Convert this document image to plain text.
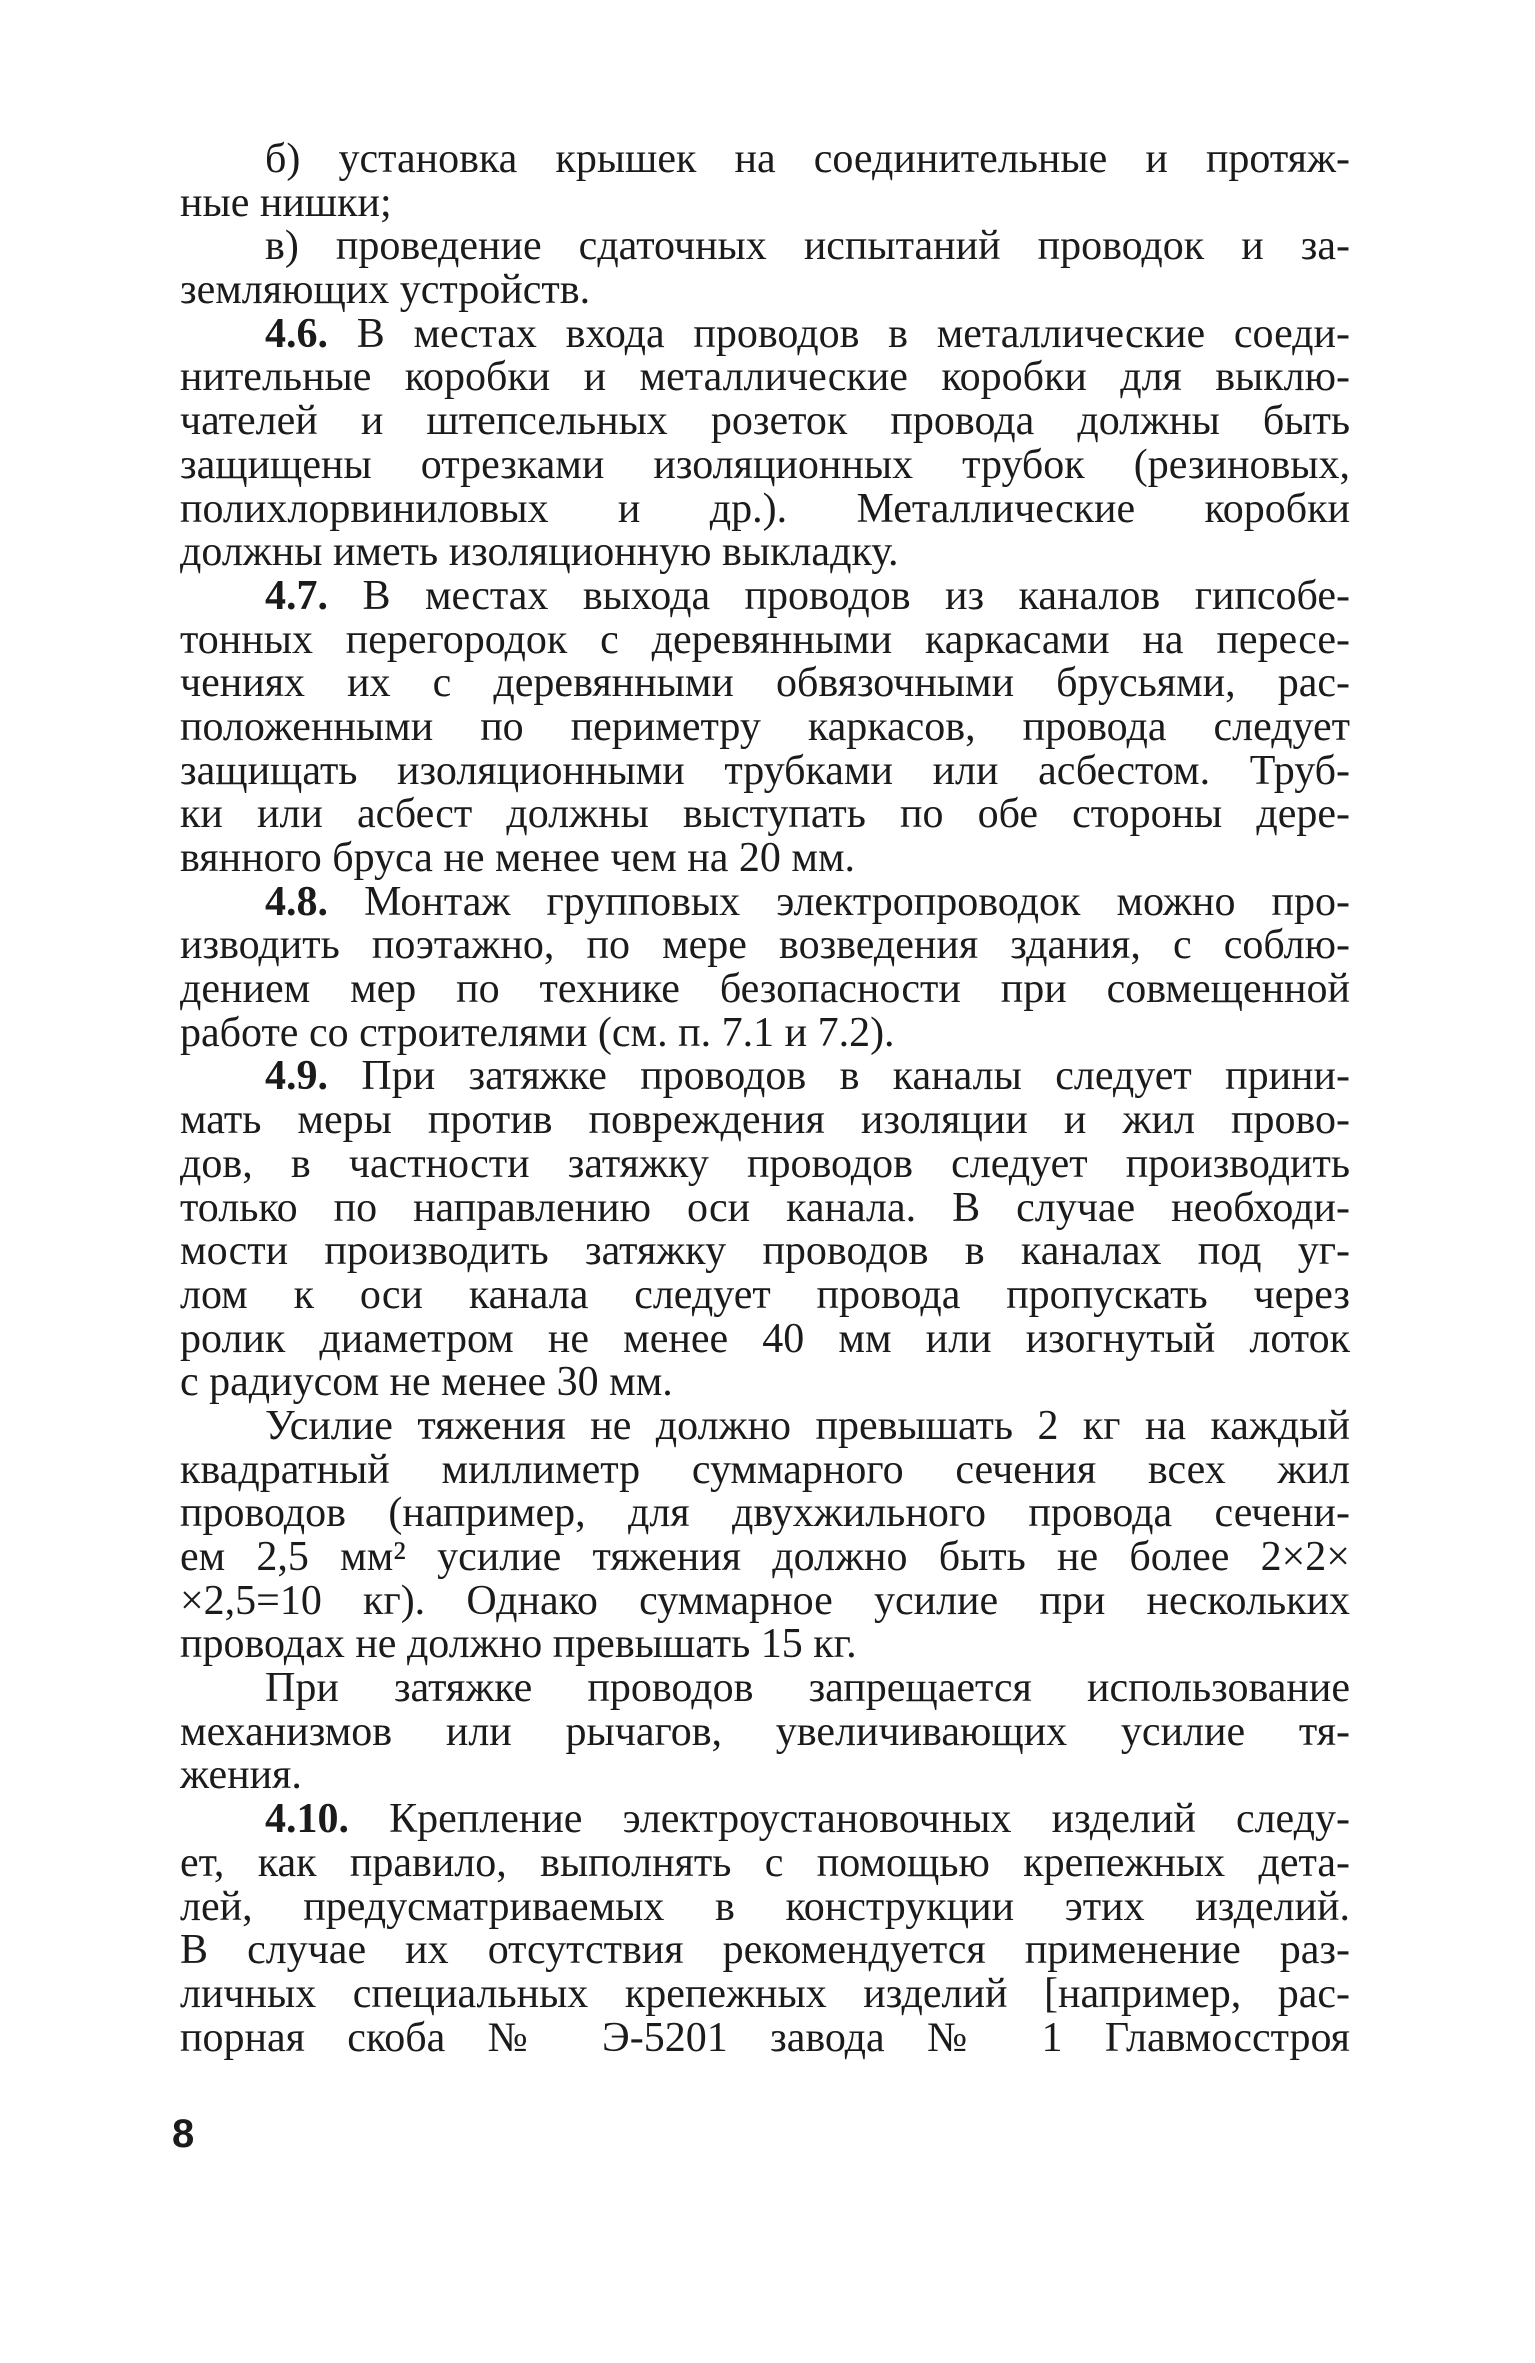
б) установка крышек на соединительные и протяж-
ные нишки;
в) проведение сдаточных испытаний проводок и за-
земляющих устройств.
4.6. В местах входа проводов в металлические соеди-
нительные коробки и металлические коробки для выклю-
чателей и штепсельных розеток провода должны быть
защищены отрезками изоляционных трубок (резиновых,
полихлорвиниловых и др.). Металлические коробки
должны иметь изоляционную выкладку.
4.7. В местах выхода проводов из каналов гипсобе-
тонных перегородок с деревянными каркасами на пересе-
чениях их с деревянными обвязочными брусьями, рас-
положенными по периметру каркасов, провода следует
защищать изоляционными трубками или асбестом. Труб-
ки или асбест должны выступать по обе стороны дере-
вянного бруса не менее чем на 20 мм.
4.8. Монтаж групповых электропроводок можно про-
изводить поэтажно, по мере возведения здания, с соблю-
дением мер по технике безопасности при совмещенной
работе со строителями (см. п. 7.1 и 7.2).
4.9. При затяжке проводов в каналы следует прини-
мать меры против повреждения изоляции и жил прово-
дов, в частности затяжку проводов следует производить
только по направлению оси канала. В случае необходи-
мости производить затяжку проводов в каналах под уг-
лом к оси канала следует провода пропускать через
ролик диаметром не менее 40 мм или изогнутый лоток
с радиусом не менее 30 мм.
Усилие тяжения не должно превышать 2 кг на каждый
квадратный миллиметр суммарного сечения всех жил
проводов (например, для двухжильного провода сечени-
ем 2,5 мм² усилие тяжения должно быть не более 2×2×
×2,5=10 кг). Однако суммарное усилие при нескольких
проводах не должно превышать 15 кг.
При затяжке проводов запрещается использование
механизмов или рычагов, увеличивающих усилие тя-
жения.
4.10. Крепление электроустановочных изделий следу-
ет, как правило, выполнять с помощью крепежных дета-
лей, предусматриваемых в конструкции этих изделий.
В случае их отсутствия рекомендуется применение раз-
личных специальных крепежных изделий [например, рас-
порная скоба № Э-5201 завода № 1 Главмосстроя
8
